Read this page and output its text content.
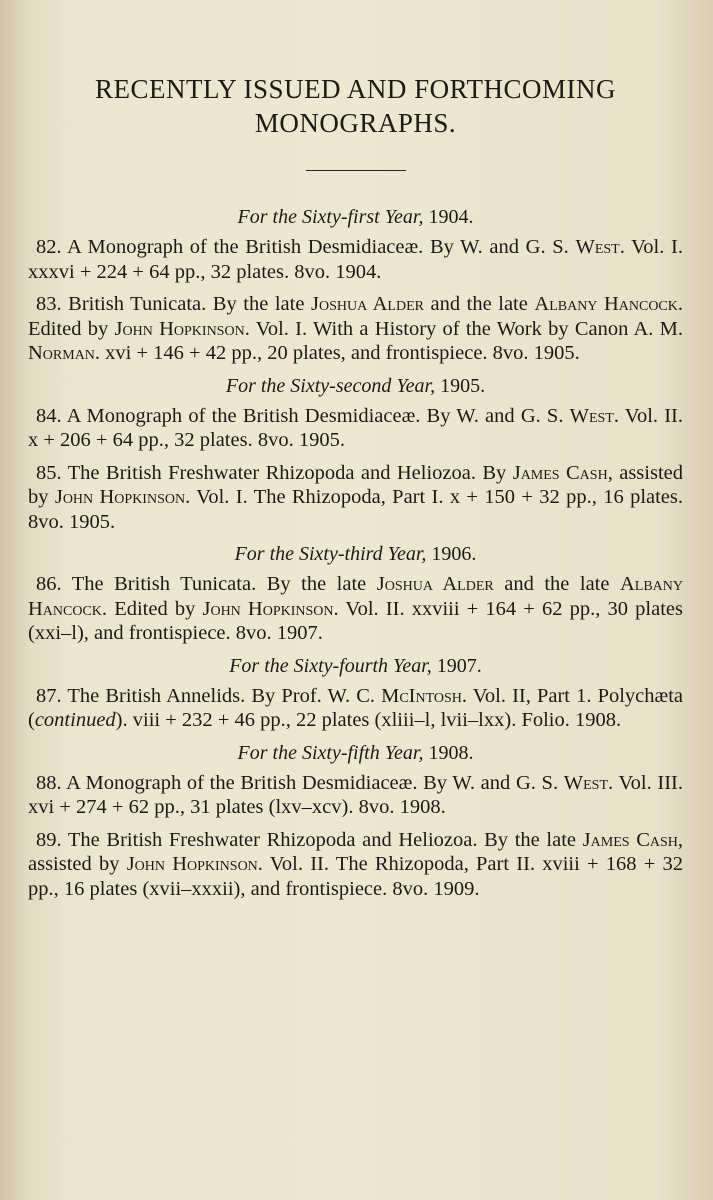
RECENTLY ISSUED AND FORTHCOMING
MONOGRAPHS.
For the Sixty-first Year, 1904.

82. A Monograph of the British Desmidiaceæ. By W. and G. S. West. Vol. I. xxxvi + 224 + 64 pp., 32 plates. 8vo. 1904.

83. British Tunicata. By the late Joshua Alder and the late Albany Hancock. Edited by John Hopkinson. Vol. I. With a History of the Work by Canon A. M. Norman. xvi + 146 + 42 pp., 20 plates, and frontispiece. 8vo. 1905.

For the Sixty-second Year, 1905.

84. A Monograph of the British Desmidiaceæ. By W. and G. S. West. Vol. II. x + 206 + 64 pp., 32 plates. 8vo. 1905.

85. The British Freshwater Rhizopoda and Heliozoa. By James Cash, assisted by John Hopkinson. Vol. I. The Rhizopoda, Part I. x + 150 + 32 pp., 16 plates. 8vo. 1905.

For the Sixty-third Year, 1906.

86. The British Tunicata. By the late Joshua Alder and the late Albany Hancock. Edited by John Hopkinson. Vol. II. xxviii + 164 + 62 pp., 30 plates (xxi–l), and frontispiece. 8vo. 1907.

For the Sixty-fourth Year, 1907.

87. The British Annelids. By Prof. W. C. McIntosh. Vol. II, Part 1. Polychæta (continued). viii + 232 + 46 pp., 22 plates (xliii–l, lvii–lxx). Folio. 1908.

For the Sixty-fifth Year, 1908.

88. A Monograph of the British Desmidiaceæ. By W. and G. S. West. Vol. III. xvi + 274 + 62 pp., 31 plates (lxv–xcv). 8vo. 1908.

89. The British Freshwater Rhizopoda and Heliozoa. By the late James Cash, assisted by John Hopkinson. Vol. II. The Rhizopoda, Part II. xviii + 168 + 32 pp., 16 plates (xvii–xxxii), and frontispiece. 8vo. 1909.
